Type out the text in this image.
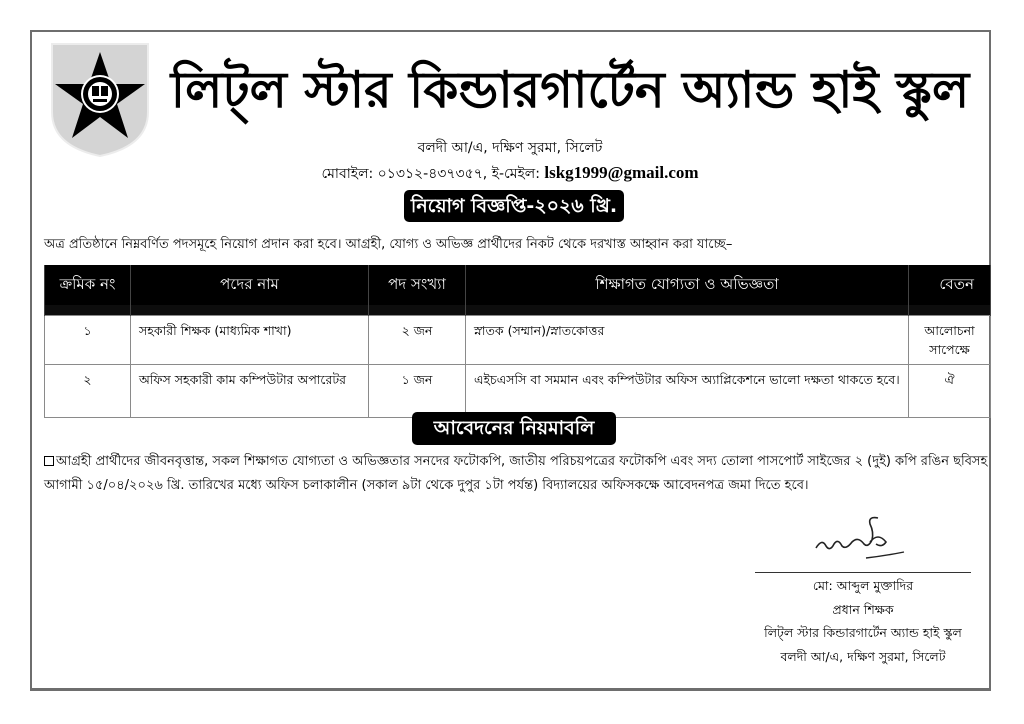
লিট্‌ল স্টার কিন্ডারগার্টেন অ্যান্ড হাই স্কুল
বলদী আ/এ, দক্ষিণ সুরমা, সিলেট
মোবাইল: ০১৩১২-৪৩৭৩৫৭, ই-মেইল: lskg1999@gmail.com
নিয়োগ বিজ্ঞপ্তি-২০২৬ খ্রি.
অত্র প্রতিষ্ঠানে নিম্নবর্ণিত পদসমূহে নিয়োগ প্রদান করা হবে। আগ্রহী, যোগ্য ও অভিজ্ঞ প্রার্থীদের নিকট থেকে দরখাস্ত আহ্বান করা যাচ্ছে–
ক্রমিক নং	পদের নাম	পদ সংখ্যা	শিক্ষাগত যোগ্যতা ও অভিজ্ঞতা	বেতন
১	সহকারী শিক্ষক (মাধ্যমিক শাখা)	২ জন	স্নাতক (সম্মান)/স্নাতকোত্তর	আলোচনা সাপেক্ষে
২	অফিস সহকারী কাম কম্পিউটার অপারেটর	১ জন	এইচএসসি বা সমমান এবং কম্পিউটার অফিস অ্যাপ্লিকেশনে ভালো দক্ষতা থাকতে হবে।	ঐ
আবেদনের নিয়মাবলি
আগ্রহী প্রার্থীদের জীবনবৃত্তান্ত, সকল শিক্ষাগত যোগ্যতা ও অভিজ্ঞতার সনদের ফটোকপি, জাতীয় পরিচয়পত্রের ফটোকপি এবং সদ্য তোলা পাসপোর্ট সাইজের ২ (দুই) কপি রঙিন ছবিসহ আগামী ১৫/০৪/২০২৬ খ্রি. তারিখের মধ্যে অফিস চলাকালীন (সকাল ৯টা থেকে দুপুর ১টা পর্যন্ত) বিদ্যালয়ের অফিসকক্ষে আবেদনপত্র জমা দিতে হবে।
মো: আব্দুল মুক্তাদির
প্রধান শিক্ষক
লিট্‌ল স্টার কিন্ডারগার্টেন অ্যান্ড হাই স্কুল
বলদী আ/এ, দক্ষিণ সুরমা, সিলেট
